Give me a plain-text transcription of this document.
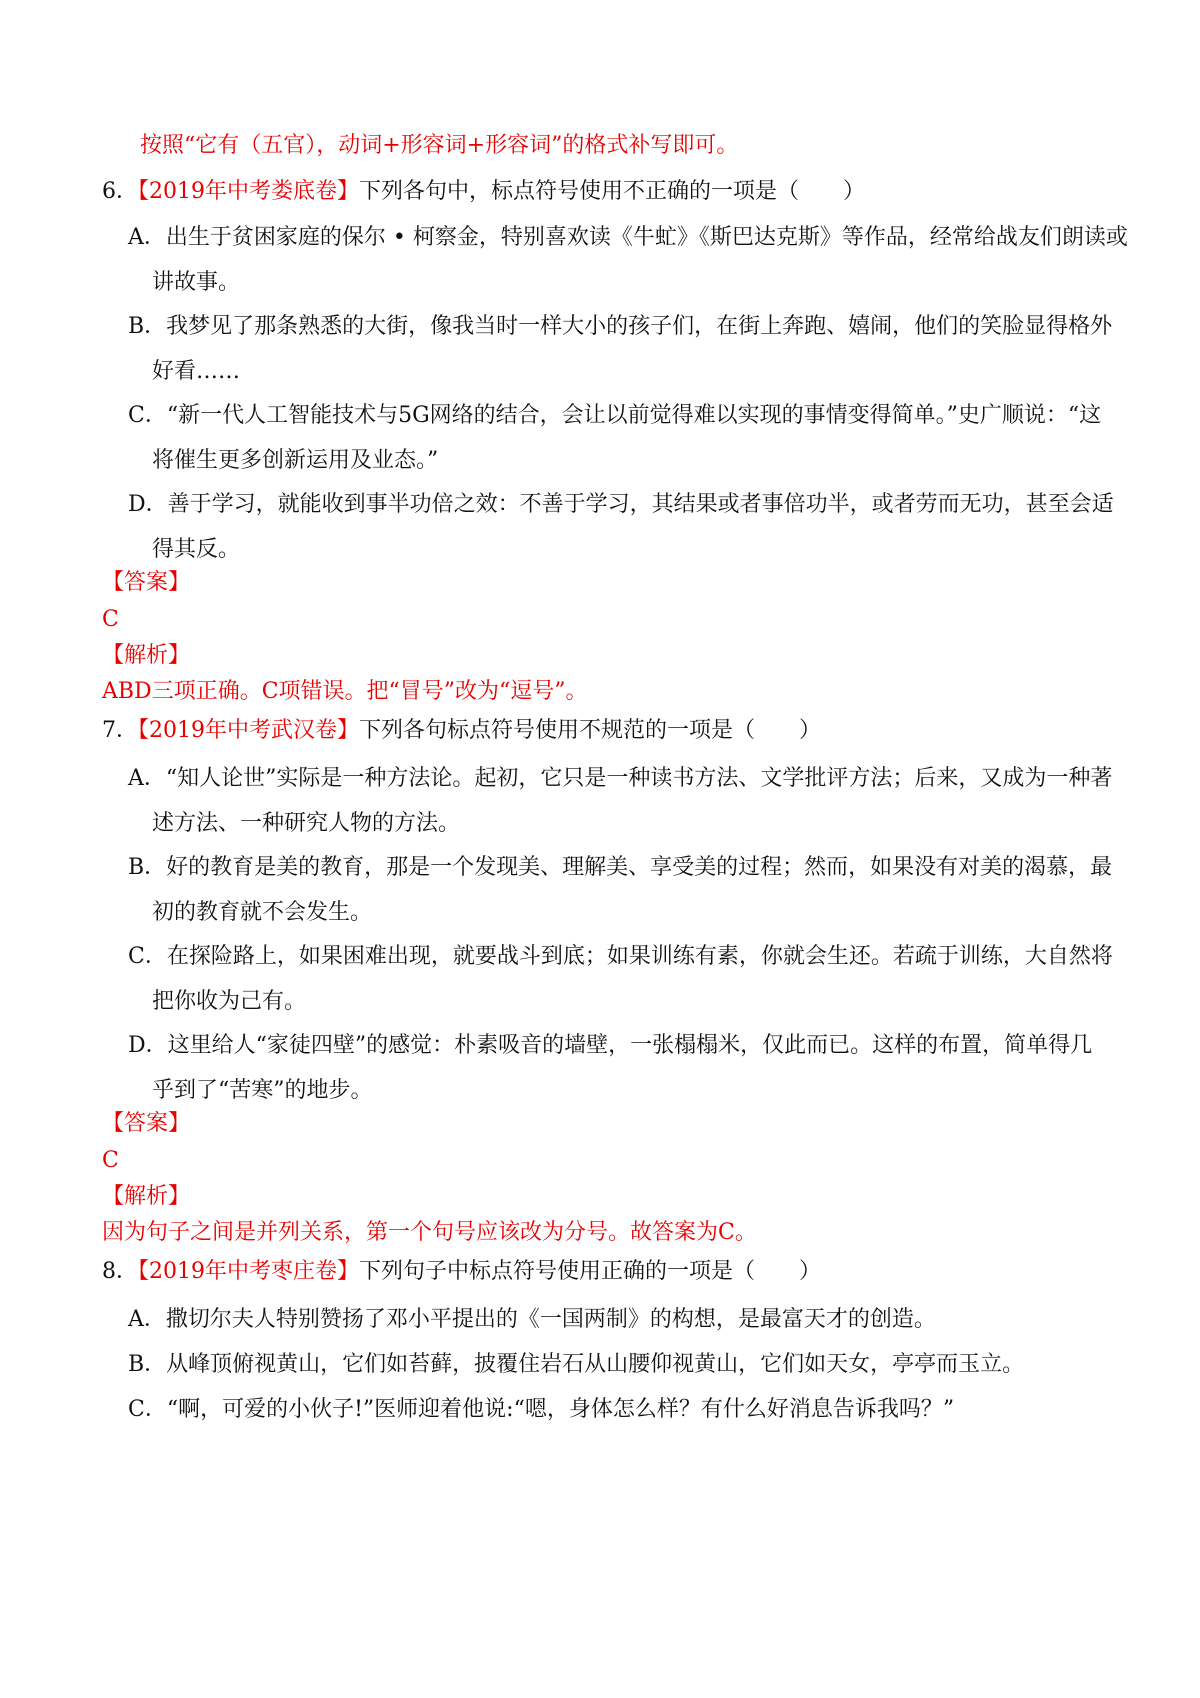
按照“它有（五官），动词+形容词+形容词”的格式补写即可。
6．【2019年中考娄底卷】下列各句中，标点符号使用不正确的一项是（　　）
A．出生于贫困家庭的保尔 • 柯察金，特别喜欢读《牛虻》《斯巴达克斯》等作品，经常给战友们朗读或
讲故事。
B．我梦见了那条熟悉的大街，像我当时一样大小的孩子们，在街上奔跑、嬉闹，他们的笑脸显得格外
好看……
C．“新一代人工智能技术与5G网络的结合，会让以前觉得难以实现的事情变得简单。”史广顺说：“这
将催生更多创新运用及业态。”
D．善于学习，就能收到事半功倍之效：不善于学习，其结果或者事倍功半，或者劳而无功，甚至会适
得其反。
【答案】
C
【解析】
ABD三项正确。C项错误。把“冒号”改为“逗号”。
7．【2019年中考武汉卷】下列各句标点符号使用不规范的一项是（　　）
A．“知人论世”实际是一种方法论。起初，它只是一种读书方法、文学批评方法；后来，又成为一种著
述方法、一种研究人物的方法。
B．好的教育是美的教育，那是一个发现美、理解美、享受美的过程；然而，如果没有对美的渴慕，最
初的教育就不会发生。
C．在探险路上，如果困难出现，就要战斗到底；如果训练有素，你就会生还。若疏于训练，大自然将
把你收为己有。
D．这里给人“家徒四壁”的感觉：朴素吸音的墙壁，一张榻榻米，仅此而已。这样的布置，简单得几
乎到了“苦寒”的地步。
【答案】
C
【解析】
因为句子之间是并列关系，第一个句号应该改为分号。故答案为C。
8．【2019年中考枣庄卷】下列句子中标点符号使用正确的一项是（　　）
A．撒切尔夫人特别赞扬了邓小平提出的《一国两制》的构想，是最富天才的创造。
B．从峰顶俯视黄山，它们如苔藓，披覆住岩石从山腰仰视黄山，它们如天女，亭亭而玉立。
C．“啊，可爱的小伙子!”医师迎着他说:“嗯，身体怎么样？有什么好消息告诉我吗？”
